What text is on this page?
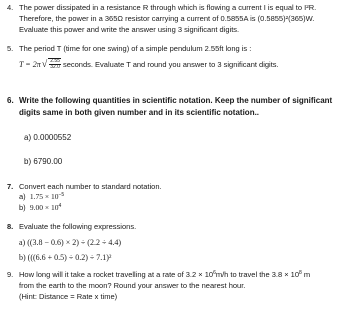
4. The power dissipated in a resistance R through which is flowing a current I is equal to I²R.
Therefore, the power in a 365Ω resistor carrying a current of 0.5855A is (0.5855)²(365)W.
Evaluate this power and write the answer using 3 significant digits.
5. The period T (time for one swing) of a simple pendulum 2.55ft long is :
T = 2π √ $\frac{2.55}{32.0}$ seconds. Evaluate T and round you answer to 3 significant digits.
6. Write the following quantities in scientific notation. Keep the number of significant
digits same in both given number and in its scientific notation..
a) 0.0000552
b) 6790.00
7. Convert each number to standard notation.
a) $1.75 \times 10^{-5}$
b) $9.00 \times 10^4$
8. Evaluate the following expressions.
a) ((3.8 − 0.6) × 2) ÷ (2.2 ÷ 4.4)
b) (((6.6 + 0.5) ÷ 0.2) ÷ 7.1)²
9. How long will it take a rocket travelling at a rate of $3.2 \times 10^6m/h$ to travel the $3.8 \times 10^8$ m
from the earth to the moon? Round your answer to the nearest hour.
(Hint: Distance = Rate x time)
